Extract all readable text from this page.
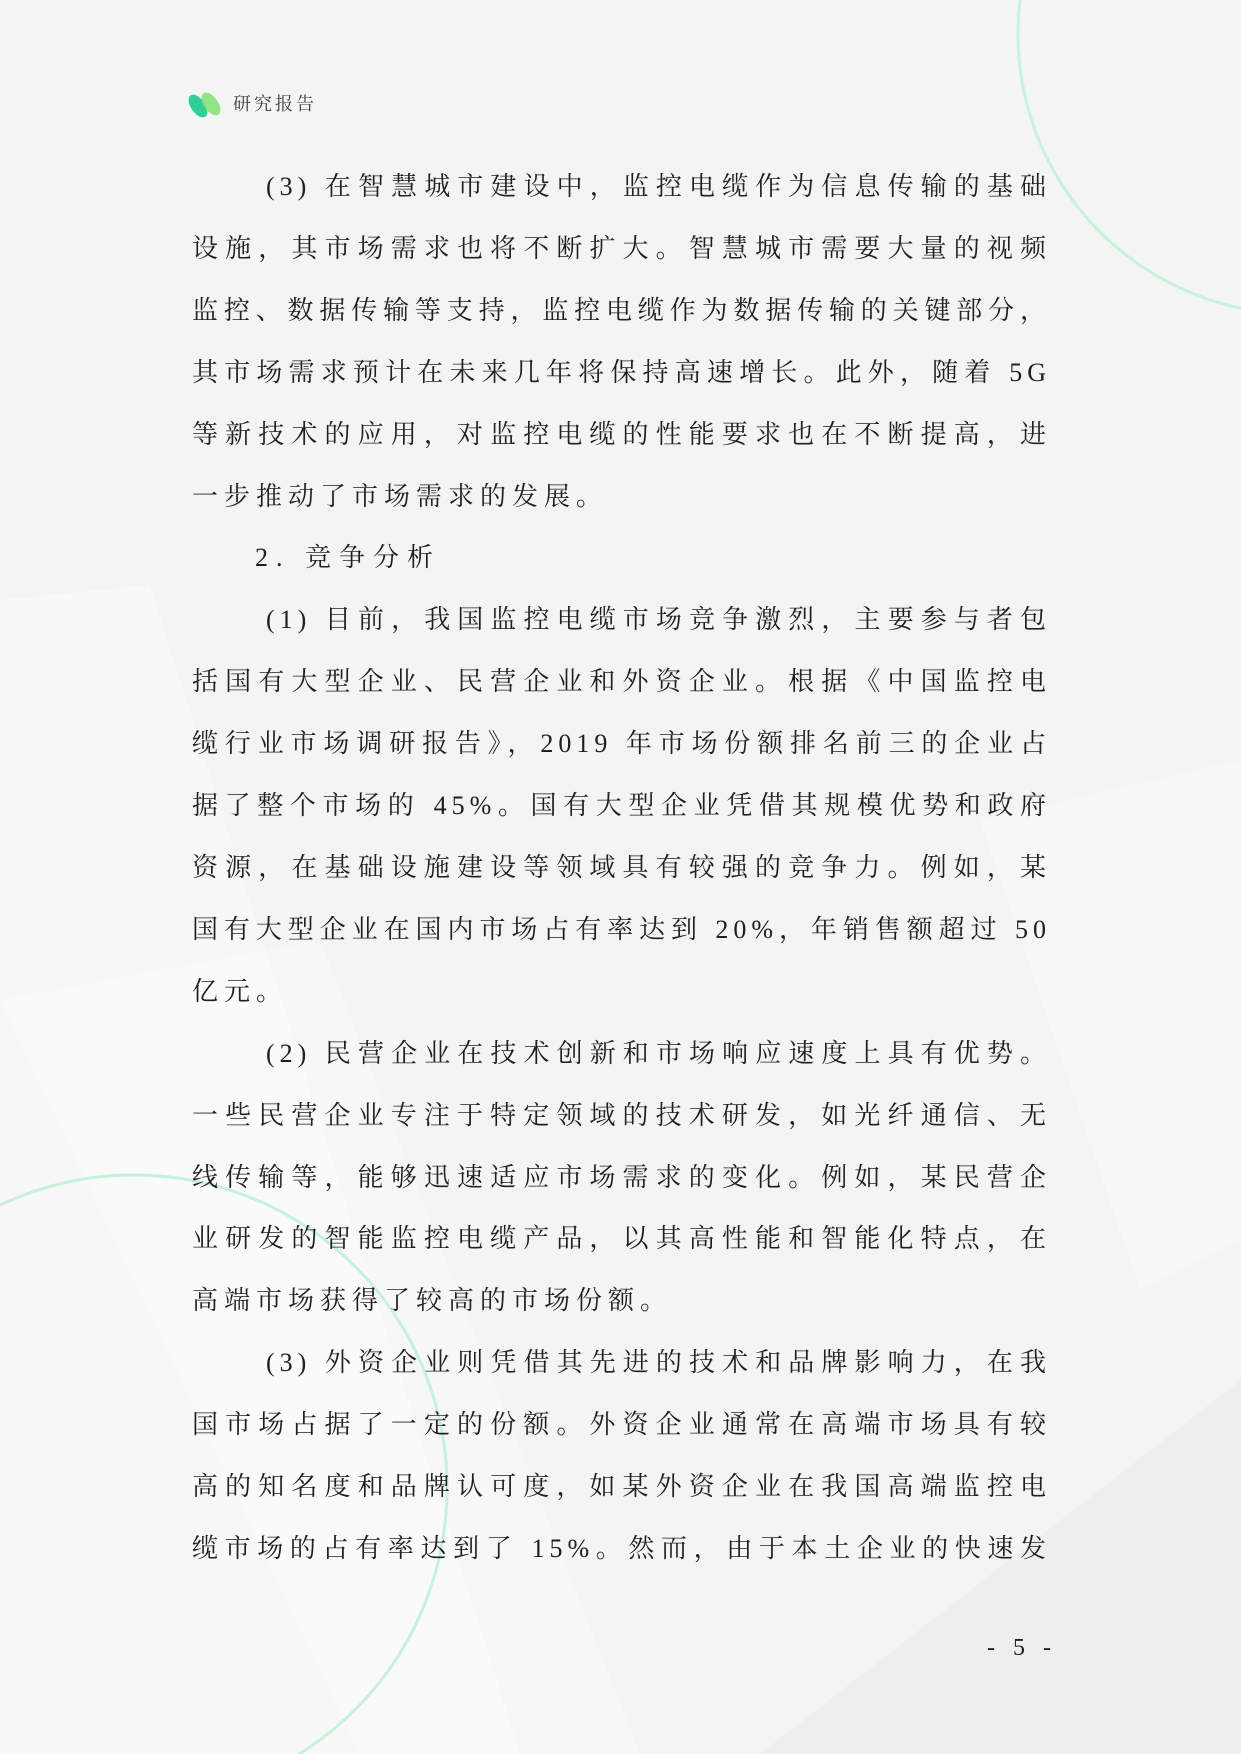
研究报告
(3) 在智慧城市建设中，监控电缆作为信息传输的基础
设施，其市场需求也将不断扩大。智慧城市需要大量的视频
监控、数据传输等支持，监控电缆作为数据传输的关键部分，
其市场需求预计在未来几年将保持高速增长。此外，随着 5G
等新技术的应用，对监控电缆的性能要求也在不断提高，进
一步推动了市场需求的发展。
2. 竞争分析
(1) 目前，我国监控电缆市场竞争激烈，主要参与者包
括国有大型企业、民营企业和外资企业。根据《中国监控电
缆行业市场调研报告》，2019 年市场份额排名前三的企业占
据了整个市场的 45%。国有大型企业凭借其规模优势和政府
资源，在基础设施建设等领域具有较强的竞争力。例如，某
国有大型企业在国内市场占有率达到 20%，年销售额超过 50
亿元。
(2) 民营企业在技术创新和市场响应速度上具有优势。
一些民营企业专注于特定领域的技术研发，如光纤通信、无
线传输等，能够迅速适应市场需求的变化。例如，某民营企
业研发的智能监控电缆产品，以其高性能和智能化特点，在
高端市场获得了较高的市场份额。
(3) 外资企业则凭借其先进的技术和品牌影响力，在我
国市场占据了一定的份额。外资企业通常在高端市场具有较
高的知名度和品牌认可度，如某外资企业在我国高端监控电
缆市场的占有率达到了 15%。然而，由于本土企业的快速发
- 5 -
